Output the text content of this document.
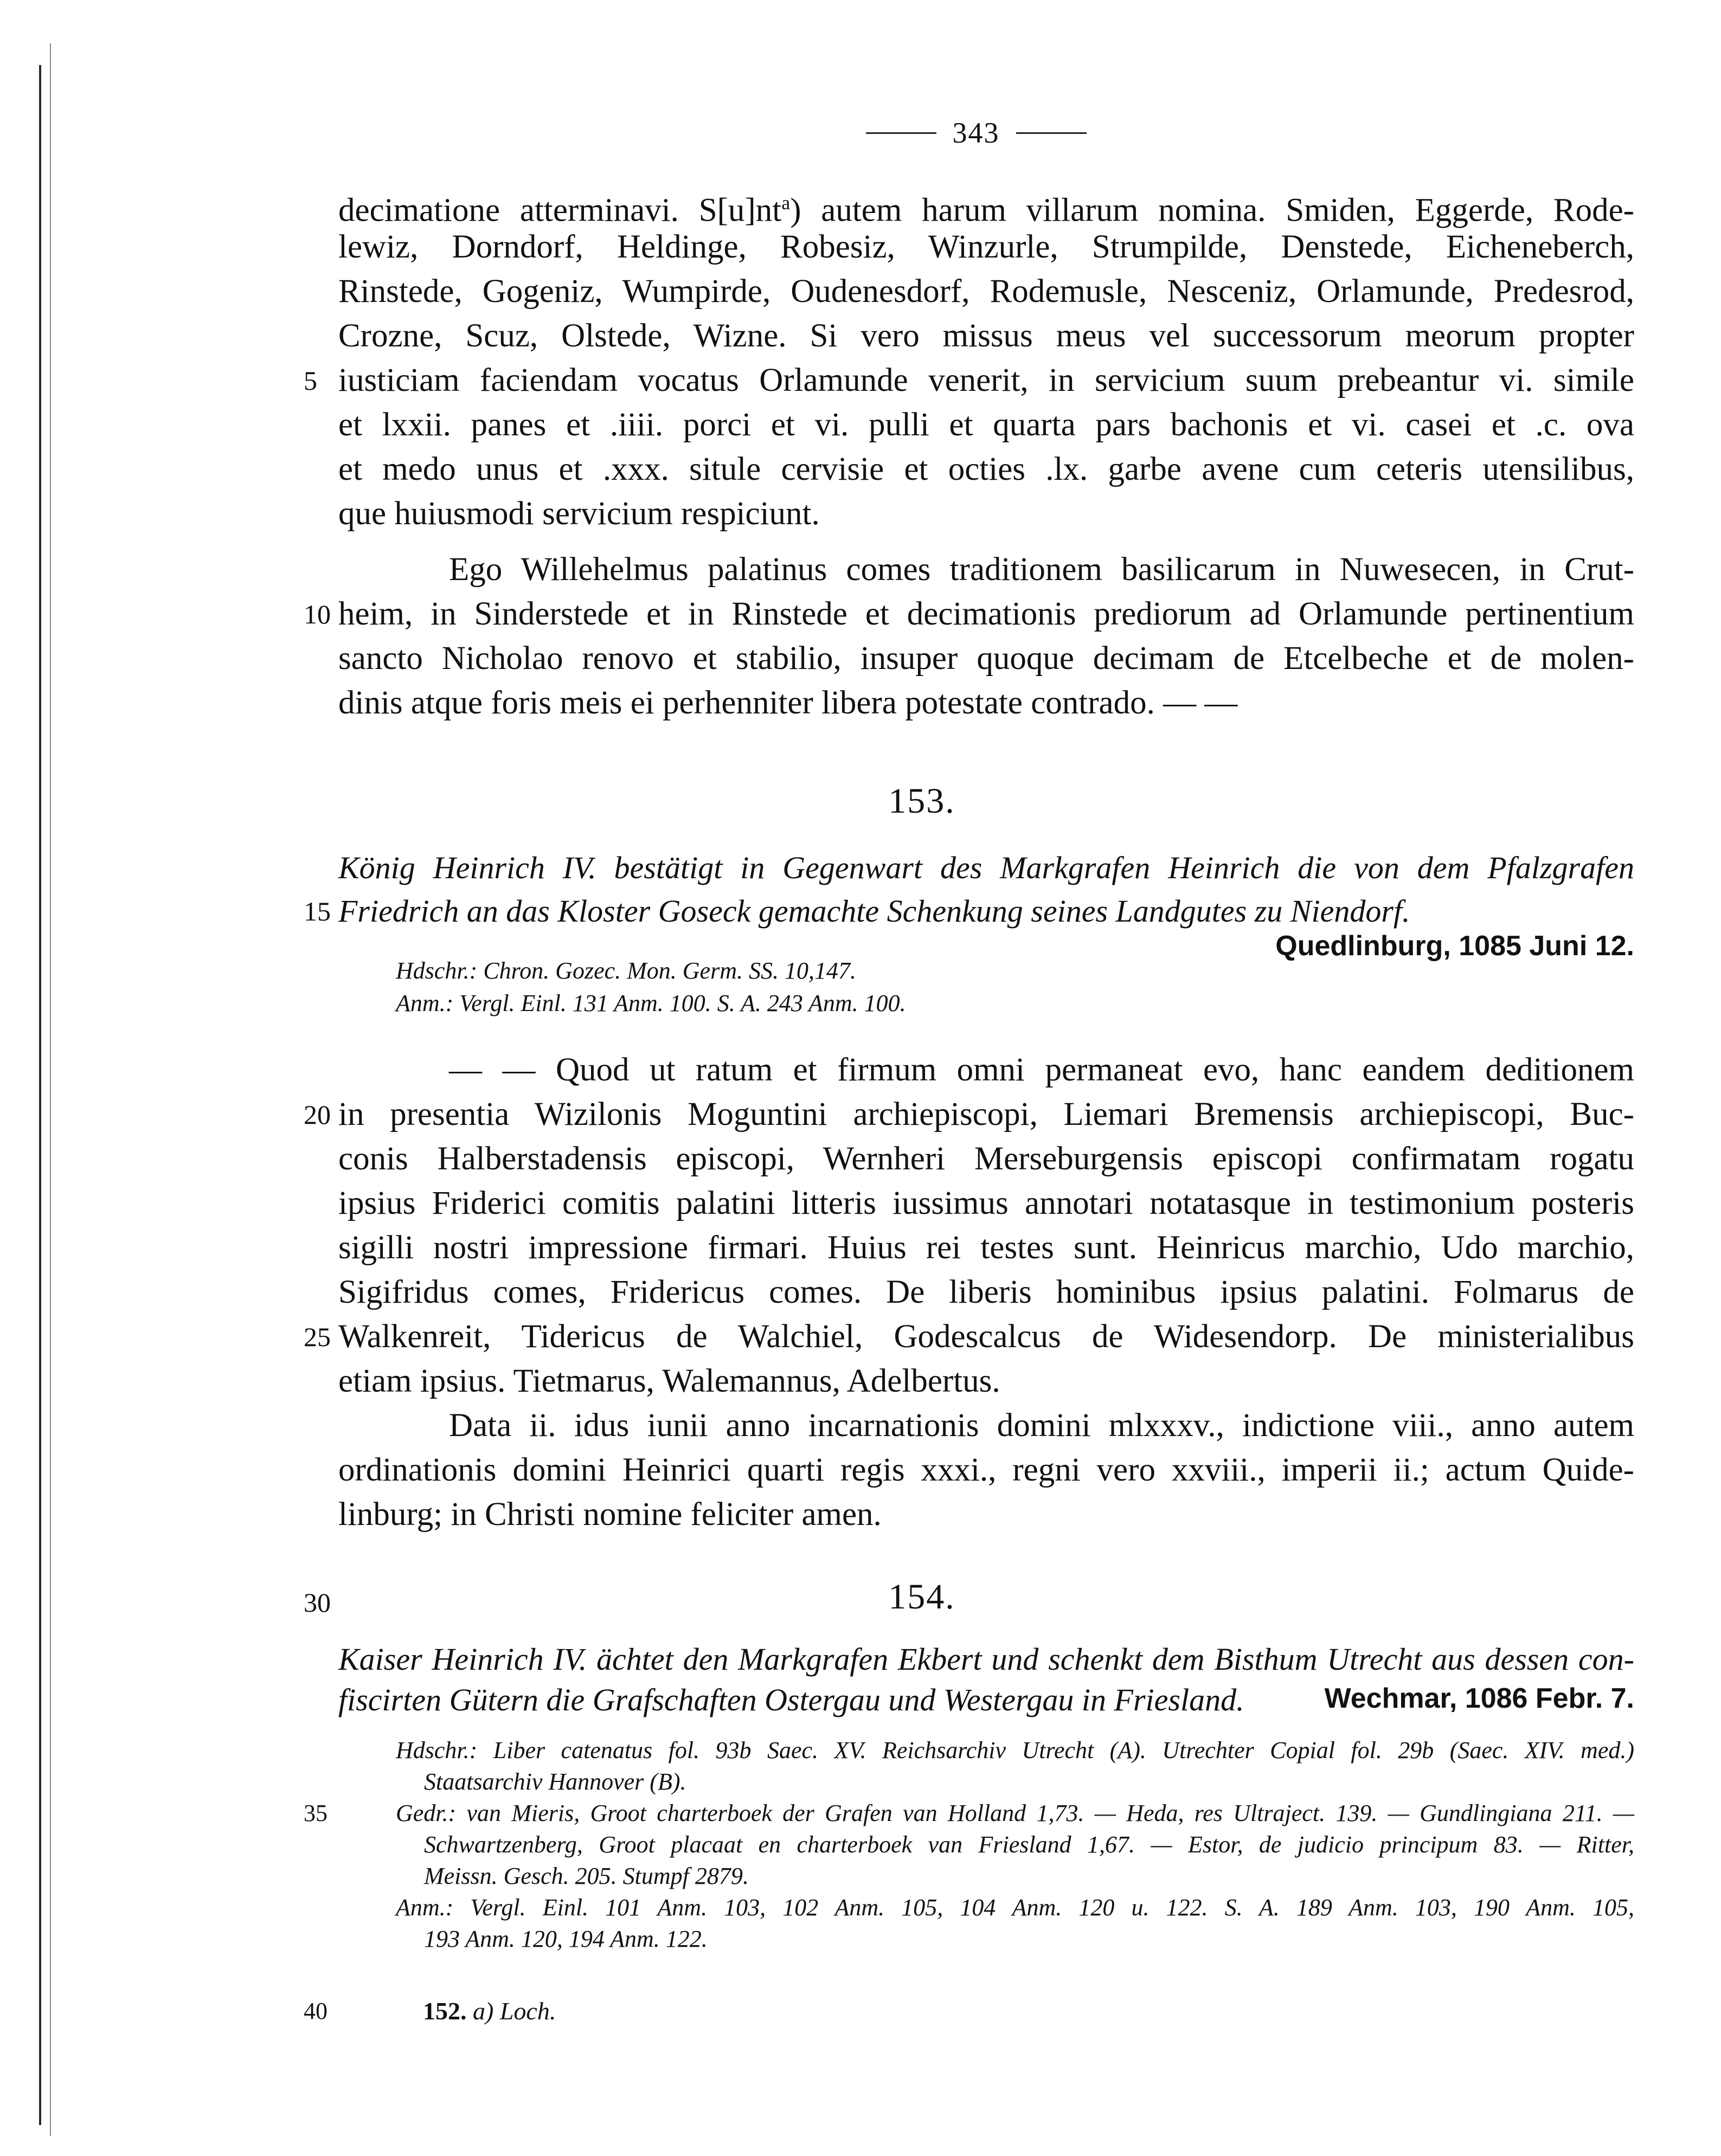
343
decimatione atterminavi. $S[u]nt^a$) autem harum villarum nomina. Smiden, Eggerde, Rode-
lewiz, Dorndorf, Heldinge, Robesiz, Winzurle, Strumpilde, Denstede, Eicheneberch,
Rinstede, Gogeniz, Wumpirde, Oudenesdorf, Rodemusle, Nesceniz, Orlamunde, Predesrod,
Crozne, Scuz, Olstede, Wizne. Si vero missus meus vel successorum meorum propter
5 iusticiam faciendam vocatus Orlamunde venerit, in servicium suum prebeantur vi. simile
et lxxii. panes et .iiii. porci et vi. pulli et quarta pars bachonis et vi. casei et .c. ova
et medo unus et .xxx. situle cervisie et octies .lx. garbe avene cum ceteris utensilibus,
que huiusmodi servicium respiciunt.
Ego Willehelmus palatinus comes traditionem basilicarum in Nuwesecen, in Crut-
10 heim, in Sinderstede et in Rinstede et decimationis prediorum ad Orlamunde pertinentium
sancto Nicholao renovo et stabilio, insuper quoque decimam de Etcelbeche et de molen-
dinis atque foris meis ei perhenniter libera potestate contrado. — —
153.
König Heinrich IV. bestätigt in Gegenwart des Markgrafen Heinrich die von dem Pfalzgrafen
15 Friedrich an das Kloster Goseck gemachte Schenkung seines Landgutes zu Niendorf.
Quedlinburg, 1085 Juni 12.
Hdschr.: Chron. Gozec. Mon. Germ. SS. 10,147.
Anm.: Vergl. Einl. 131 Anm. 100. S. A. 243 Anm. 100.
— — Quod ut ratum et firmum omni permaneat evo, hanc eandem deditionem
20 in presentia Wizilonis Moguntini archiepiscopi, Liemari Bremensis archiepiscopi, Buc-
conis Halberstadensis episcopi, Wernheri Merseburgensis episcopi confirmatam rogatu
ipsius Friderici comitis palatini litteris iussimus annotari notatasque in testimonium posteris
sigilli nostri impressione firmari. Huius rei testes sunt. Heinricus marchio, Udo marchio,
Sigifridus comes, Fridericus comes. De liberis hominibus ipsius palatini. Folmarus de
25 Walkenreit, Tidericus de Walchiel, Godescalcus de Widesendorp. De ministerialibus
etiam ipsius. Tietmarus, Walemannus, Adelbertus.
Data ii. idus iunii anno incarnationis domini mlxxxv., indictione viii., anno autem
ordinationis domini Heinrici quarti regis xxxi., regni vero xxviii., imperii ii.; actum Quide-
linburg; in Christi nomine feliciter amen.
30	154.
Kaiser Heinrich IV. ächtet den Markgrafen Ekbert und schenkt dem Bisthum Utrecht aus dessen con-
fiscirten Gütern die Grafschaften Ostergau und Westergau in Friesland.	Wechmar, 1086 Febr. 7.
Hdschr.: Liber catenatus fol. 93b Saec. XV. Reichsarchiv Utrecht (A). Utrechter Copial fol. 29b (Saec. XIV. med.)
Staatsarchiv Hannover (B).
35	Gedr.: van Mieris, Groot charterboek der Grafen van Holland 1,73. — Heda, res Ultraject. 139. — Gundlingiana 211. —
Schwartzenberg, Groot placaat en charterboek van Friesland 1,67. — Estor, de judicio principum 83. — Ritter,
Meissn. Gesch. 205. Stumpf 2879.
Anm.: Vergl. Einl. 101 Anm. 103, 102 Anm. 105, 104 Anm. 120 u. 122. S. A. 189 Anm. 103, 190 Anm. 105,
193 Anm. 120, 194 Anm. 122.
40	152. a) Loch.
